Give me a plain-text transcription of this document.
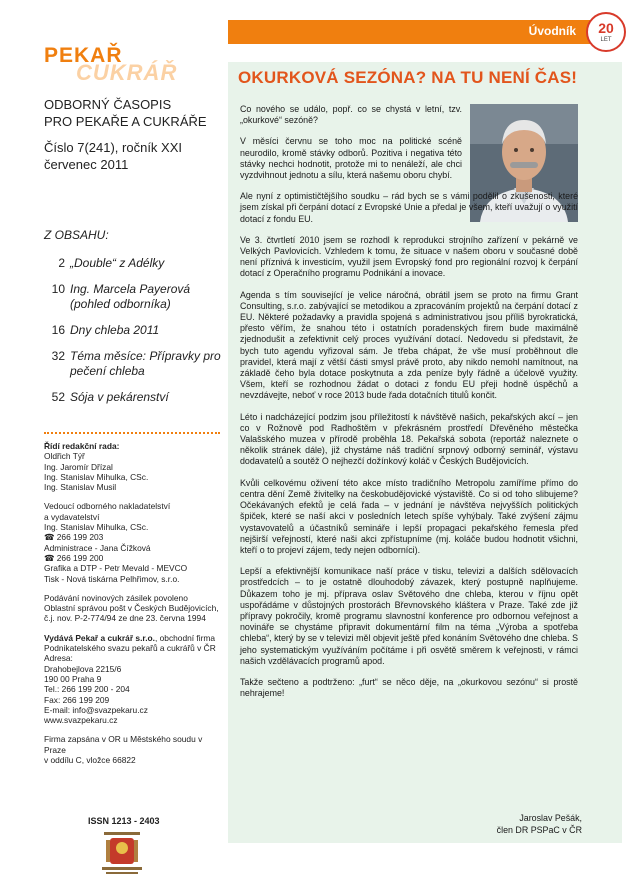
Úvodník	20
LET
PEKAŘ
CUKRÁŘ

ODBORNÝ ČASOPIS

PRO PEKAŘE A CUKRÁŘE

Číslo 7(241), ročník XXI
červenec 2011
Z OBSAHU:
2 „Double“ z Adélky
10 Ing. Marcela Payerová (pohled odborníka)
16 Dny chleba 2011
32 Téma měsíce: Přípravky pro pečení chleba
52 Sója v pekárenství

Řídí redakční rada:

Oldřich Týř

Ing. Jaromír Dřízal

Ing. Stanislav Mihulka, CSc.

Ing. Stanislav Musil

Vedoucí odborného nakladatelství

a vydavatelství

Ing. Stanislav Mihulka, CSc.

☎ 266 199 203

Administrace - Jana Čížková

☎ 266 199 200

Grafika a DTP - Petr Mevald - MEVCO

Tisk - Nová tiskárna Pelhřimov, s.r.o.

Podávání novinových zásilek povoleno

Oblastní správou pošt v Českých Budějovicích,

č.j. nov. P-2-774/94 ze dne 23. června 1994

Vydává Pekař a cukrář s.r.o., obchodní firma

Podnikatelského svazu pekařů a cukrářů v ČR

Adresa:

Drahobejlova 2215/6

190 00 Praha 9

Tel.: 266 199 200 - 204

Fax: 266 199 209

E-mail: info@svazpekaru.cz

www.svazpekaru.cz

Firma zapsána v OR u Městského soudu v Praze

v oddílu C, vložce 66822

ISSN 1213 - 2403
OKURKOVÁ SEZÓNA? NA TU NENÍ ČAS!

Co nového se událo, popř. co se chystá v letní, tzv. „okurkové“ sezóně?

V měsíci červnu se toho moc na politické scéně neurodilo, kromě stávky odborů. Pozitiva i negativa této stávky nechci hodnotit, protože mi to nenáleží, ale chci vyzdvihnout jednotu a sílu, která našemu oboru chybí.

Ale nyní z optimističtějšího soudku – rád bych se s vámi podělil o zkušenosti, které jsem získal při čerpání dotací z Evropské Unie a předal je všem, kteří uvažují o využití dotací z fondu EU.

Ve 3. čtvrtletí 2010 jsem se rozhodl k reprodukci strojního zařízení v pekárně ve Velkých Pavlovicích. Vzhledem k tomu, že situace v našem oboru v současné době není příznivá k investicím, využil jsem Evropský fond pro regionální rozvoj k čerpání dotací z Operačního programu Podnikání a inovace.

Agenda s tím související je velice náročná, obrátil jsem se proto na firmu Grant Consulting, s.r.o. zabývající se metodikou a zpracováním projektů na čerpání dotací z EU. Některé požadavky a pravidla spojená s administrativou jsou příliš byrokratická, přesto věřím, že snahou této i ostatních poradenských firem bude maximálně zjednodušit a zefektivnit celý proces využívání dotací. Nedovedu si představit, že bych tuto agendu vyřizoval sám. Je třeba chápat, že vše musí proběhnout dle pravidel, která mají z větší části smysl právě proto, aby nikdo nemohl namítnout, na základě čeho byla dotace poskytnuta a zda peníze byly řádně a účelově využity. Všem, kteří se rozhodnou žádat o dotaci z fondu EU přeji hodně úspěchů a nevzdávejte, neboť v roce 2013 bude řada dotačních titulů končit.

Léto i nadcházející podzim jsou příležitostí k návštěvě našich, pekařských akcí – jen co v Rožnově pod Radhoštěm v překrásném prostředí Dřevěného městečka Valašského muzea v přírodě proběhla 18. Pekařská sobota (reportáž naleznete o několik stránek dále), již chystáme náš tradiční srpnový odborný seminář, výstavu dodavatelů a soutěž O nejhezčí dožínkový koláč v Českých Budějovicích.

Kvůli celkovému oživení této akce místo tradičního Metropolu zamíříme přímo do centra dění Země živitelky na českobudějovické výstaviště. Co si od toho slibujeme? Očekávaných efektů je celá řada – v jednání je návštěva nejvyšších politických špiček, které se naší akci v posledních letech spíše vyhýbaly. Také zvýšení zájmu vystavovatelů a účastníků semináře i lepší propagaci pekařského řemesla před nejširší veřejností, které naši akci zpřístupníme (mj. koláče budou hodnotit všichni, kteří o to projeví zájem, tedy nejen odborníci).

Lepší a efektivnější komunikace naší práce v tisku, televizi a dalších sdělovacích prostředcích – to je ostatně dlouhodobý závazek, který postupně naplňujeme. Důkazem toho je mj. příprava oslav Světového dne chleba, kterou v říjnu opět uspořádáme v důstojných prostorách Břevnovského kláštera v Praze. Také zde již přípravy pokročily, kromě programu slavnostní konference pro odbornou veřejnost a novináře se chystáme připravit dokumentární film na téma „Výroba a spotřeba chleba“, který by se v televizi měl objevit ještě před konáním Světového dne chleba. S jeho systematickým využíváním počítáme i při osvětě směrem k veřejnosti, v rámci našich vzdělávacích programů apod.

Takže sečteno a podtrženo: „furt“ se něco děje, na „okurkovou sezónu“ si prostě nehrajeme!

Jaroslav Pešák,
člen DR PSPaC v ČR
